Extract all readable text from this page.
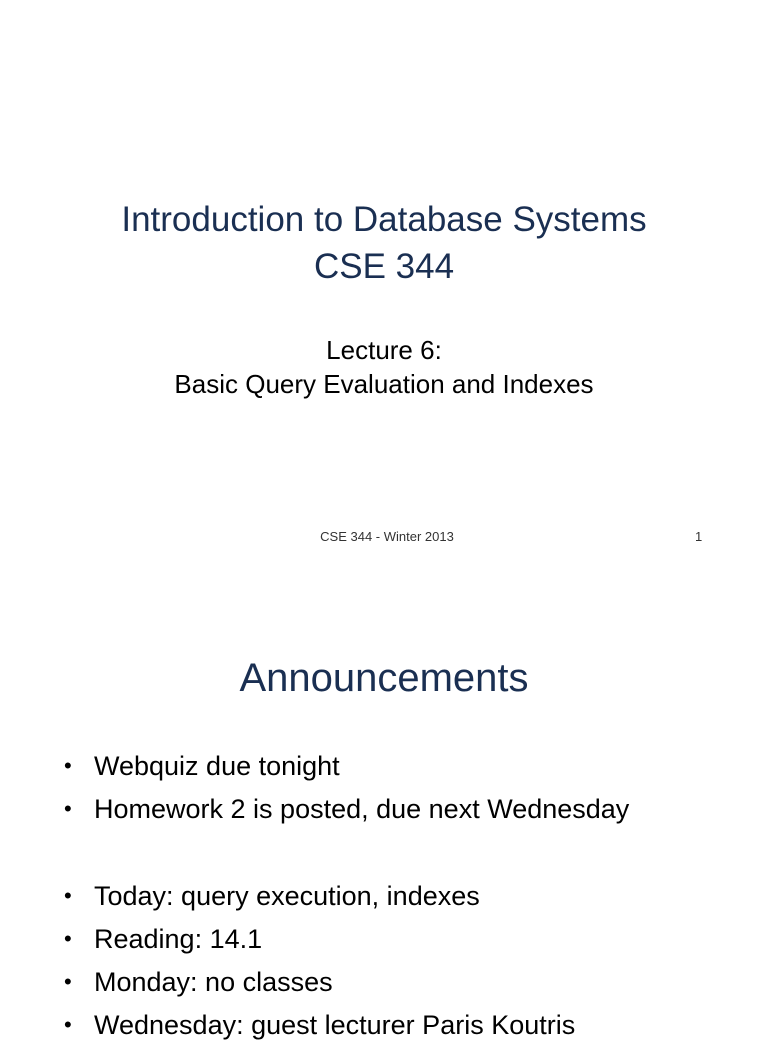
Introduction to Database Systems
CSE 344
Lecture 6:
Basic Query Evaluation and Indexes
CSE 344 - Winter 2013	1
Announcements
• Webquiz due tonight
• Homework 2 is posted, due next Wednesday
• Today: query execution, indexes
• Reading: 14.1
• Monday: no classes
• Wednesday: guest lecturer Paris Koutris
